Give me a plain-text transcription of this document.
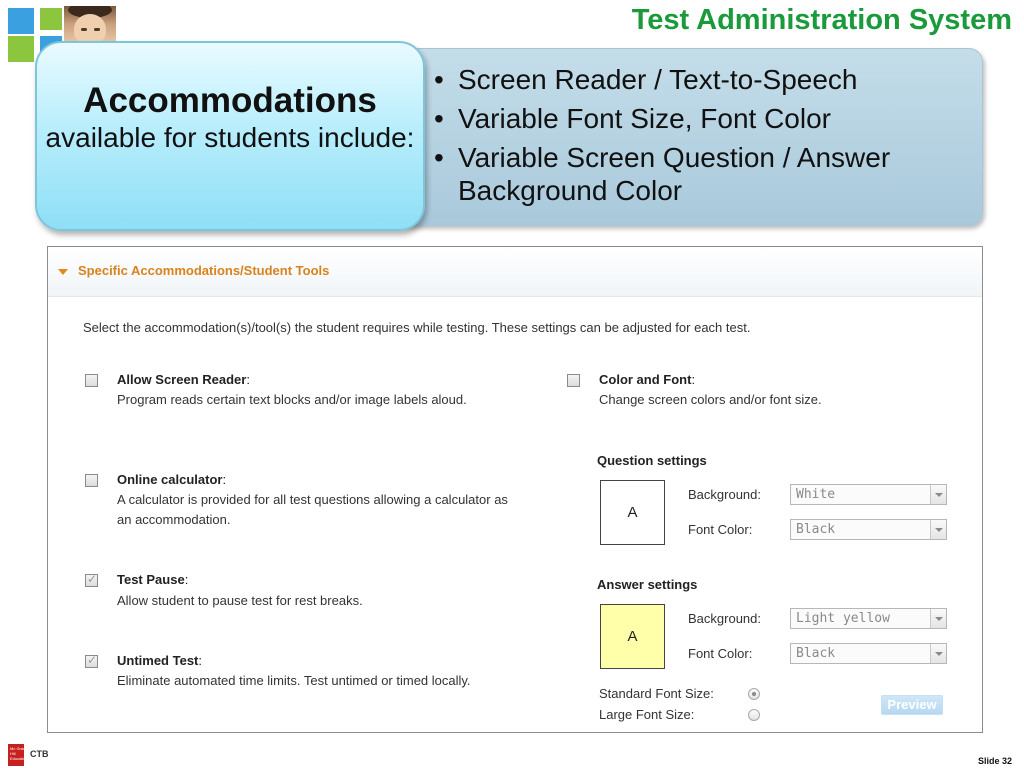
Test Administration System
• Screen Reader / Text-to-Speech
• Variable Font Size, Font Color
• Variable Screen Question / Answer Background Color
Accommodations
available for students include:
Specific Accommodations/Student Tools
Select the accommodation(s)/tool(s) the student requires while testing. These settings can be adjusted for each test.
Allow Screen Reader:
Program reads certain text blocks and/or image labels aloud.
Online calculator:
A calculator is provided for all test questions allowing a calculator as an accommodation.
✓
Test Pause:
Allow student to pause test for rest breaks.
✓
Untimed Test:
Eliminate automated time limits. Test untimed or timed locally.
Color and Font:
Change screen colors and/or font size.
Question settings
A
Background:	White
Font Color:	Black
Answer settings
A
Background:	Light yellow
Font Color:	Black
Standard Font Size:
Large Font Size:
Preview
Mc Graw Hill Education CTB
Slide 32
